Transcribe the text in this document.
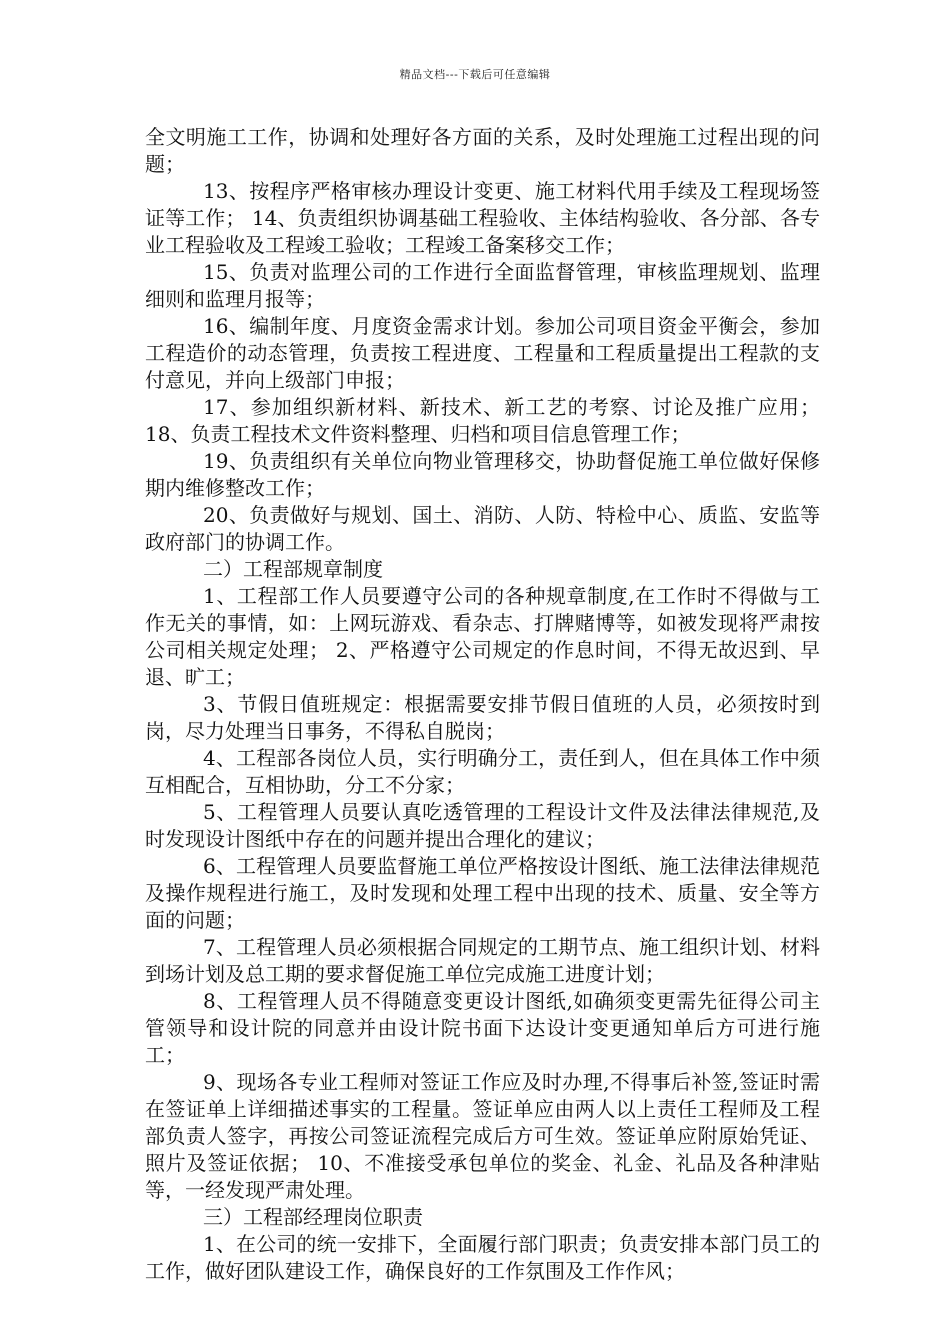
精品文档---下载后可任意编辑

全文明施工工作，协调和处理好各方面的关系，及时处理施工过程出现的问题；

13、按程序严格审核办理设计变更、施工材料代用手续及工程现场签证等工作； 14、负责组织协调基础工程验收、主体结构验收、各分部、各专业工程验收及工程竣工验收；工程竣工备案移交工作；

15、负责对监理公司的工作进行全面监督管理，审核监理规划、监理细则和监理月报等；

16、编制年度、月度资金需求计划。参加公司项目资金平衡会，参加工程造价的动态管理，负责按工程进度、工程量和工程质量提出工程款的支付意见，并向上级部门申报；

17、参加组织新材料、新技术、新工艺的考察、讨论及推广应用； 18、负责工程技术文件资料整理、归档和项目信息管理工作；

19、负责组织有关单位向物业管理移交，协助督促施工单位做好保修期内维修整改工作；

20、负责做好与规划、国土、消防、人防、特检中心、质监、安监等政府部门的协调工作。

二）工程部规章制度

1、工程部工作人员要遵守公司的各种规章制度,在工作时不得做与工作无关的事情，如：上网玩游戏、看杂志、打牌赌博等，如被发现将严肃按公司相关规定处理； 2、严格遵守公司规定的作息时间，不得无故迟到、早退、旷工；

3、节假日值班规定：根据需要安排节假日值班的人员，必须按时到岗，尽力处理当日事务，不得私自脱岗；

4、工程部各岗位人员，实行明确分工，责任到人，但在具体工作中须互相配合，互相协助，分工不分家；

5、工程管理人员要认真吃透管理的工程设计文件及法律法律规范,及时发现设计图纸中存在的问题并提出合理化的建议；

6、工程管理人员要监督施工单位严格按设计图纸、施工法律法律规范及操作规程进行施工，及时发现和处理工程中出现的技术、质量、安全等方面的问题；

7、工程管理人员必须根据合同规定的工期节点、施工组织计划、材料到场计划及总工期的要求督促施工单位完成施工进度计划；

8、工程管理人员不得随意变更设计图纸,如确须变更需先征得公司主管领导和设计院的同意并由设计院书面下达设计变更通知单后方可进行施工；

9、现场各专业工程师对签证工作应及时办理,不得事后补签,签证时需在签证单上详细描述事实的工程量。签证单应由两人以上责任工程师及工程部负责人签字，再按公司签证流程完成后方可生效。签证单应附原始凭证、照片及签证依据； 10、不准接受承包单位的奖金、礼金、礼品及各种津贴等，一经发现严肃处理。

三）工程部经理岗位职责

1、在公司的统一安排下，全面履行部门职责；负责安排本部门员工的工作，做好团队建设工作，确保良好的工作氛围及工作作风；
